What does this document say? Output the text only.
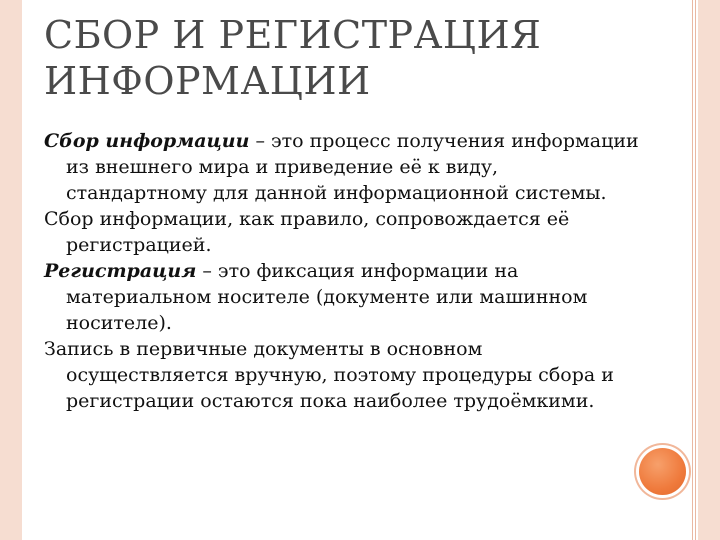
СБОР И РЕГИСТРАЦИЯ ИНФОРМАЦИИ

Сбор информации – это процесс получения информации из внешнего мира и приведение её к виду, стандартному для данной информационной системы.

Сбор информации, как правило, сопровождается её регистрацией.

Регистрация – это фиксация информации на материальном носителе (документе или машинном носителе).

Запись в первичные документы в основном осуществляется вручную, поэтому процедуры сбора и регистрации остаются пока наиболее трудоёмкими.
